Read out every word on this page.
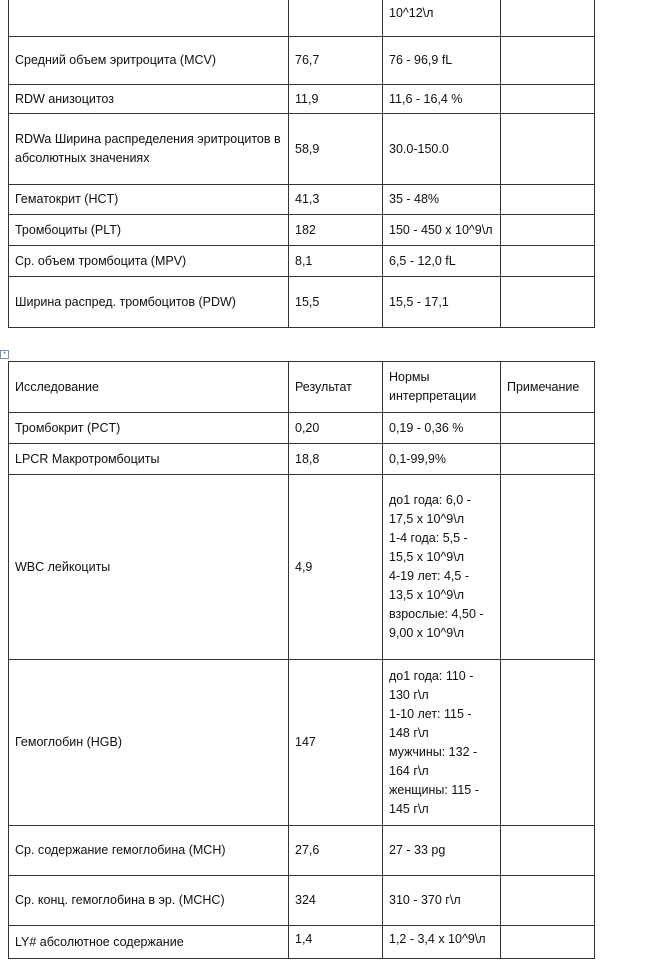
		10^12\л	

Средний объем эритроцита (MCV)	76,7	76 - 96,9 fL	

RDW анизоцитоз	11,9	11,6 - 16,4 %	

RDWa Ширина распределения эритроцитов в абсолютных значениях	58,9	30.0-150.0	

Гематокрит (HCT)	41,3	35 - 48%	

Тромбоциты (PLT)	182	150 - 450 x 10^9\л	

Ср. объем тромбоцита (MPV)	8,1	6,5 - 12,0 fL	

Ширина распред. тромбоцитов (PDW)	15,5	15,5 - 17,1	

+
Исследование	Результат	Нормы интерпретации	Примечание
Тромбокрит (PCT)	0,20	0,19 - 0,36 %	

LPCR Макротромбоциты	18,8	0,1-99,9%	

WBC лейкоциты	4,9	до1 года: 6,0 - 17,5 x 10^9\л
1-4 года: 5,5 - 15,5 x 10^9\л
4-19 лет: 4,5 - 13,5 x 10^9\л
взрослые: 4,50 - 9,00 x 10^9\л	

Гемоглобин (HGB)	147	до1 года: 110 - 130 г\л
1-10 лет: 115 - 148 г\л
мужчины: 132 - 164 г\л
женщины: 115 - 145 г\л	

Ср. содержание гемоглобина (MCH)	27,6	27 - 33 pg	

Ср. конц. гемоглобина в эр. (MCHC)	324	310 - 370 г\л	

LY# абсолютное содержание	1,4	1,2 - 3,4 x 10^9\л	
